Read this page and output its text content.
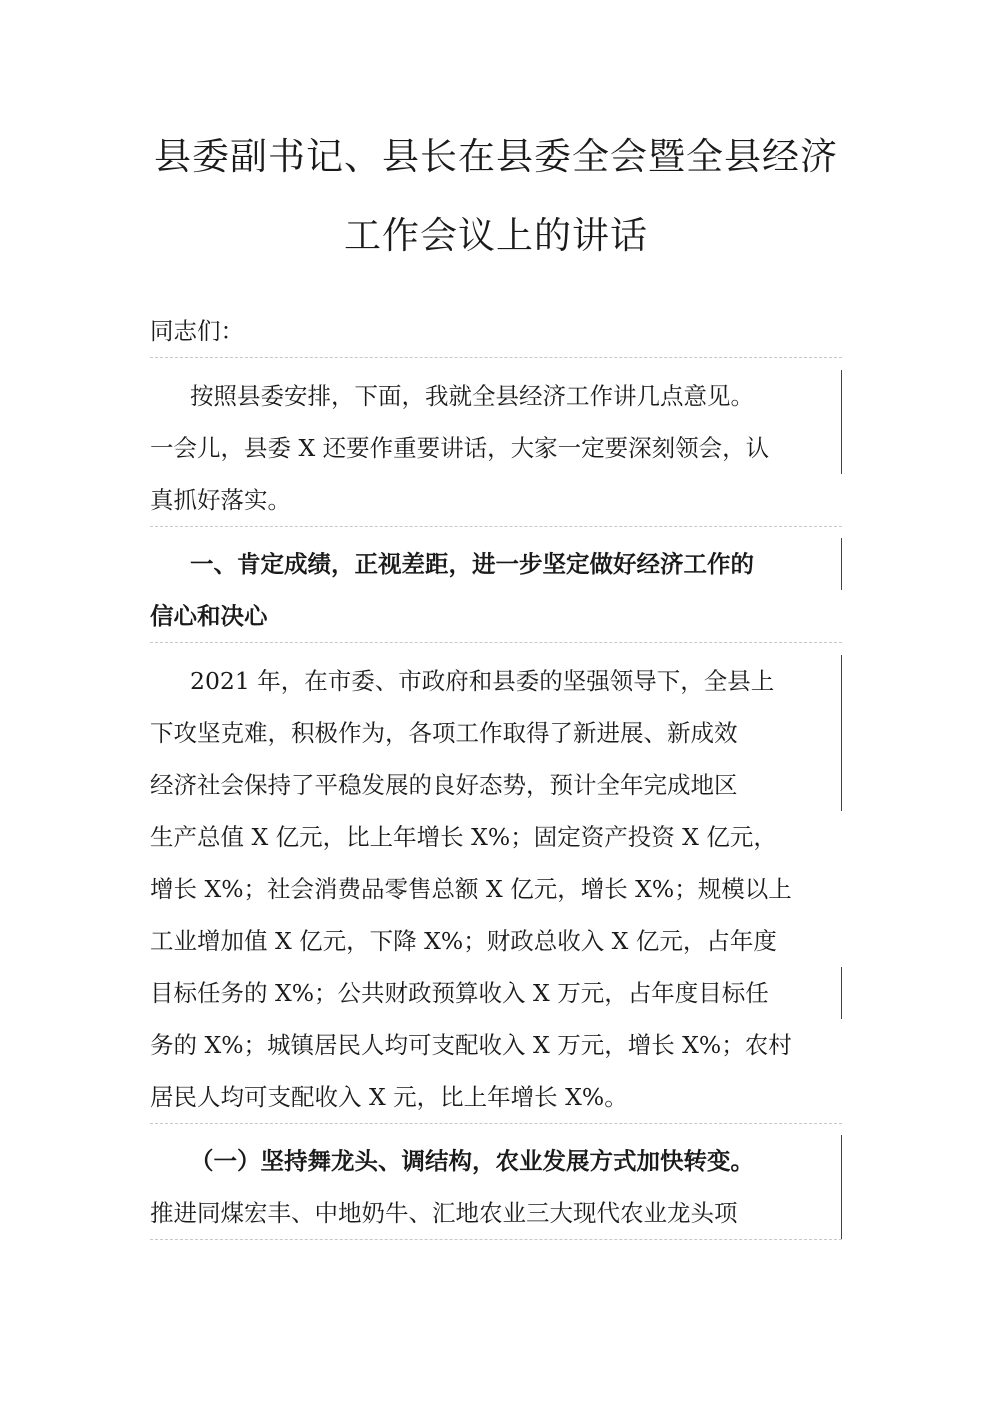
县委副书记、县长在县委全会暨全县经济
工作会议上的讲话
同志们：
按照县委安排，下面，我就全县经济工作讲几点意见。
一会儿，县委 X 还要作重要讲话，大家一定要深刻领会，认
真抓好落实。
一、肯定成绩，正视差距，进一步坚定做好经济工作的
信心和决心
2021 年，在市委、市政府和县委的坚强领导下，全县上
下攻坚克难，积极作为，各项工作取得了新进展、新成效
经济社会保持了平稳发展的良好态势，预计全年完成地区
生产总值 X 亿元，比上年增长 X%；固定资产投资 X 亿元，
增长 X%；社会消费品零售总额 X 亿元，增长 X%；规模以上
工业增加值 X 亿元，下降 X%；财政总收入 X 亿元，占年度
目标任务的 X%；公共财政预算收入 X 万元，占年度目标任
务的 X%；城镇居民人均可支配收入 X 万元，增长 X%；农村
居民人均可支配收入 X 元，比上年增长 X%。
（一）坚持舞龙头、调结构，农业发展方式加快转变。
推进同煤宏丰、中地奶牛、汇地农业三大现代农业龙头项
